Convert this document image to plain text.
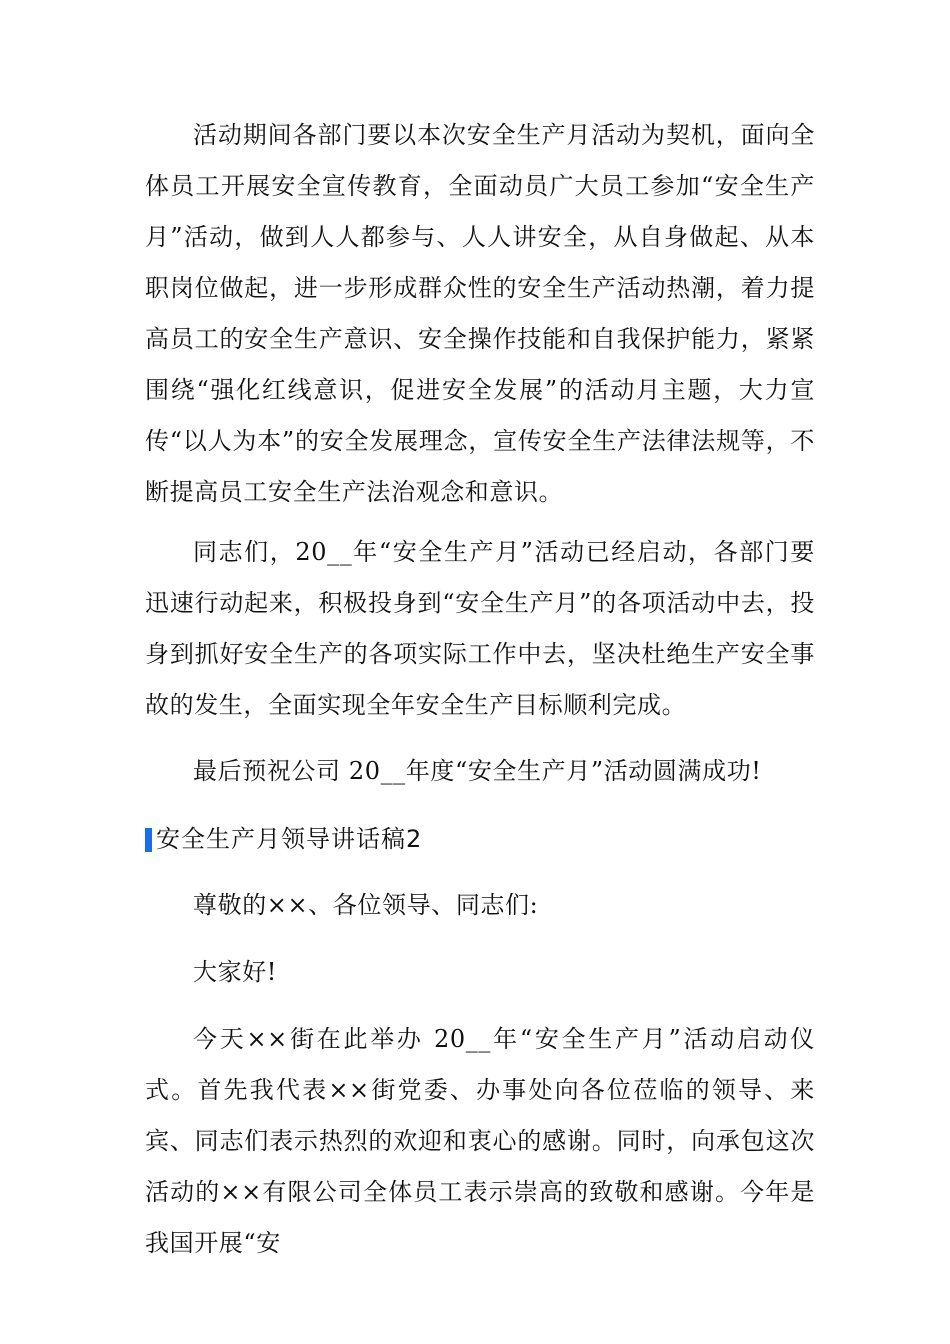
活动期间各部门要以本次安全生产月活动为契机，面向全体员工开展安全宣传教育，全面动员广大员工参加“安全生产月”活动，做到人人都参与、人人讲安全，从自身做起、从本职岗位做起，进一步形成群众性的安全生产活动热潮，着力提高员工的安全生产意识、安全操作技能和自我保护能力，紧紧围绕“强化红线意识，促进安全发展”的活动月主题，大力宣传“以人为本”的安全发展理念，宣传安全生产法律法规等，不断提高员工安全生产法治观念和意识。

同志们，20__年“安全生产月”活动已经启动，各部门要迅速行动起来，积极投身到“安全生产月”的各项活动中去，投身到抓好安全生产的各项实际工作中去，坚决杜绝生产安全事故的发生，全面实现全年安全生产目标顺利完成。

最后预祝公司 20__年度“安全生产月”活动圆满成功!

安全生产月领导讲话稿2

尊敬的××、各位领导、同志们:

大家好!

今天××街在此举办 20__年“安全生产月”活动启动仪式。首先我代表××街党委、办事处向各位莅临的领导、来宾、同志们表示热烈的欢迎和衷心的感谢。同时，向承包这次活动的××有限公司全体员工表示崇高的致敬和感谢。今年是我国开展“安
